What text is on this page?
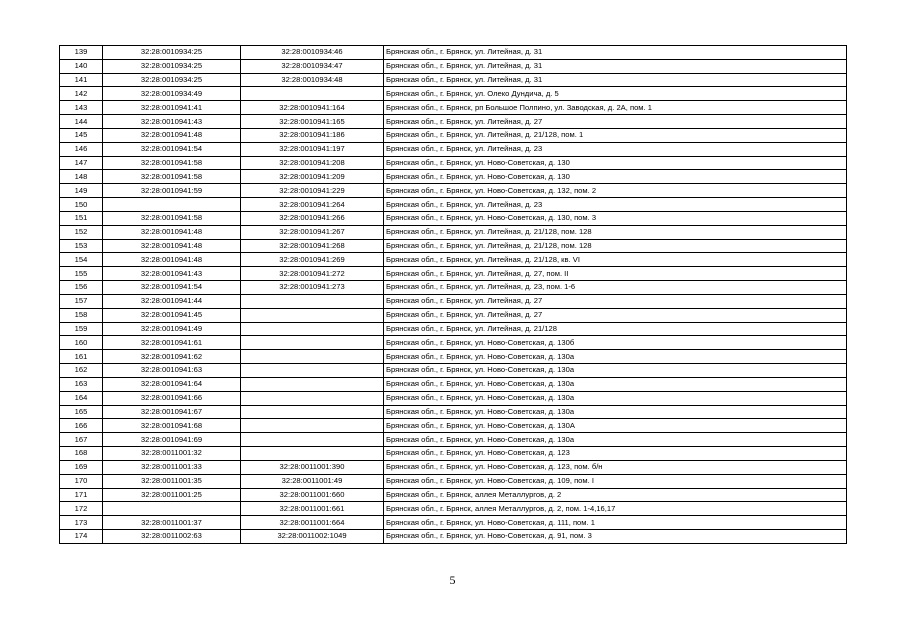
139	32:28:0010934:25	32:28:0010934:46	Брянская обл., г. Брянск, ул. Литейная, д. 31
140	32:28:0010934:25	32:28:0010934:47	Брянская обл., г. Брянск, ул. Литейная, д. 31
141	32:28:0010934:25	32:28:0010934:48	Брянская обл., г. Брянск, ул. Литейная, д. 31
142	32:28:0010934:49		Брянская обл., г. Брянск, ул. Олеко Дундича, д. 5
143	32:28:0010941:41	32:28:0010941:164	Брянская обл., г. Брянск, рп Большое Полпино, ул. Заводская, д. 2А, пом. 1
144	32:28:0010941:43	32:28:0010941:165	Брянская обл., г. Брянск, ул. Литейная, д. 27
145	32:28:0010941:48	32:28:0010941:186	Брянская обл., г. Брянск, ул. Литейная, д. 21/128, пом. 1
146	32:28:0010941:54	32:28:0010941:197	Брянская обл., г. Брянск, ул. Литейная, д. 23
147	32:28:0010941:58	32:28:0010941:208	Брянская обл., г. Брянск, ул. Ново-Советская, д. 130
148	32:28:0010941:58	32:28:0010941:209	Брянская обл., г. Брянск, ул. Ново-Советская, д. 130
149	32:28:0010941:59	32:28:0010941:229	Брянская обл., г. Брянск, ул. Ново-Советская, д. 132, пом. 2
150		32:28:0010941:264	Брянская обл., г. Брянск, ул. Литейная, д. 23
151	32:28:0010941:58	32:28:0010941:266	Брянская обл., г. Брянск, ул. Ново-Советская, д. 130, пом. 3
152	32:28:0010941:48	32:28:0010941:267	Брянская обл., г. Брянск, ул. Литейная, д. 21/128, пом. 128
153	32:28:0010941:48	32:28:0010941:268	Брянская обл., г. Брянск, ул. Литейная, д. 21/128, пом. 128
154	32:28:0010941:48	32:28:0010941:269	Брянская обл., г. Брянск, ул. Литейная, д. 21/128, кв. VI
155	32:28:0010941:43	32:28:0010941:272	Брянская обл., г. Брянск, ул. Литейная, д. 27, пом. II
156	32:28:0010941:54	32:28:0010941:273	Брянская обл., г. Брянск, ул. Литейная, д. 23, пом. 1-6
157	32:28:0010941:44		Брянская обл., г. Брянск, ул. Литейная, д. 27
158	32:28:0010941:45		Брянская обл., г. Брянск, ул. Литейная, д. 27
159	32:28:0010941:49		Брянская обл., г. Брянск, ул. Литейная, д. 21/128
160	32:28:0010941:61		Брянская обл., г. Брянск, ул. Ново-Советская, д. 130б
161	32:28:0010941:62		Брянская обл., г. Брянск, ул. Ново-Советская, д. 130а
162	32:28:0010941:63		Брянская обл., г. Брянск, ул. Ново-Советская, д. 130а
163	32:28:0010941:64		Брянская обл., г. Брянск, ул. Ново-Советская, д. 130а
164	32:28:0010941:66		Брянская обл., г. Брянск, ул. Ново-Советская, д. 130а
165	32:28:0010941:67		Брянская обл., г. Брянск, ул. Ново-Советская, д. 130а
166	32:28:0010941:68		Брянская обл., г. Брянск, ул. Ново-Советская, д. 130А
167	32:28:0010941:69		Брянская обл., г. Брянск, ул. Ново-Советская, д. 130а
168	32:28:0011001:32		Брянская обл., г. Брянск, ул. Ново-Советская, д. 123
169	32:28:0011001:33	32:28:0011001:390	Брянская обл., г. Брянск, ул. Ново-Советская, д. 123, пом. б/н
170	32:28:0011001:35	32:28:0011001:49	Брянская обл., г. Брянск, ул. Ново-Советская, д. 109, пом. I
171	32:28:0011001:25	32:28:0011001:660	Брянская обл., г. Брянск, аллея Металлургов, д. 2
172		32:28:0011001:661	Брянская обл., г. Брянск, аллея Металлургов, д. 2, пом. 1-4,16,17
173	32:28:0011001:37	32:28:0011001:664	Брянская обл., г. Брянск, ул. Ново-Советская, д. 111, пом. 1
174	32:28:0011002:63	32:28:0011002:1049	Брянская обл., г. Брянск, ул. Ново-Советская, д. 91, пом. 3
5
